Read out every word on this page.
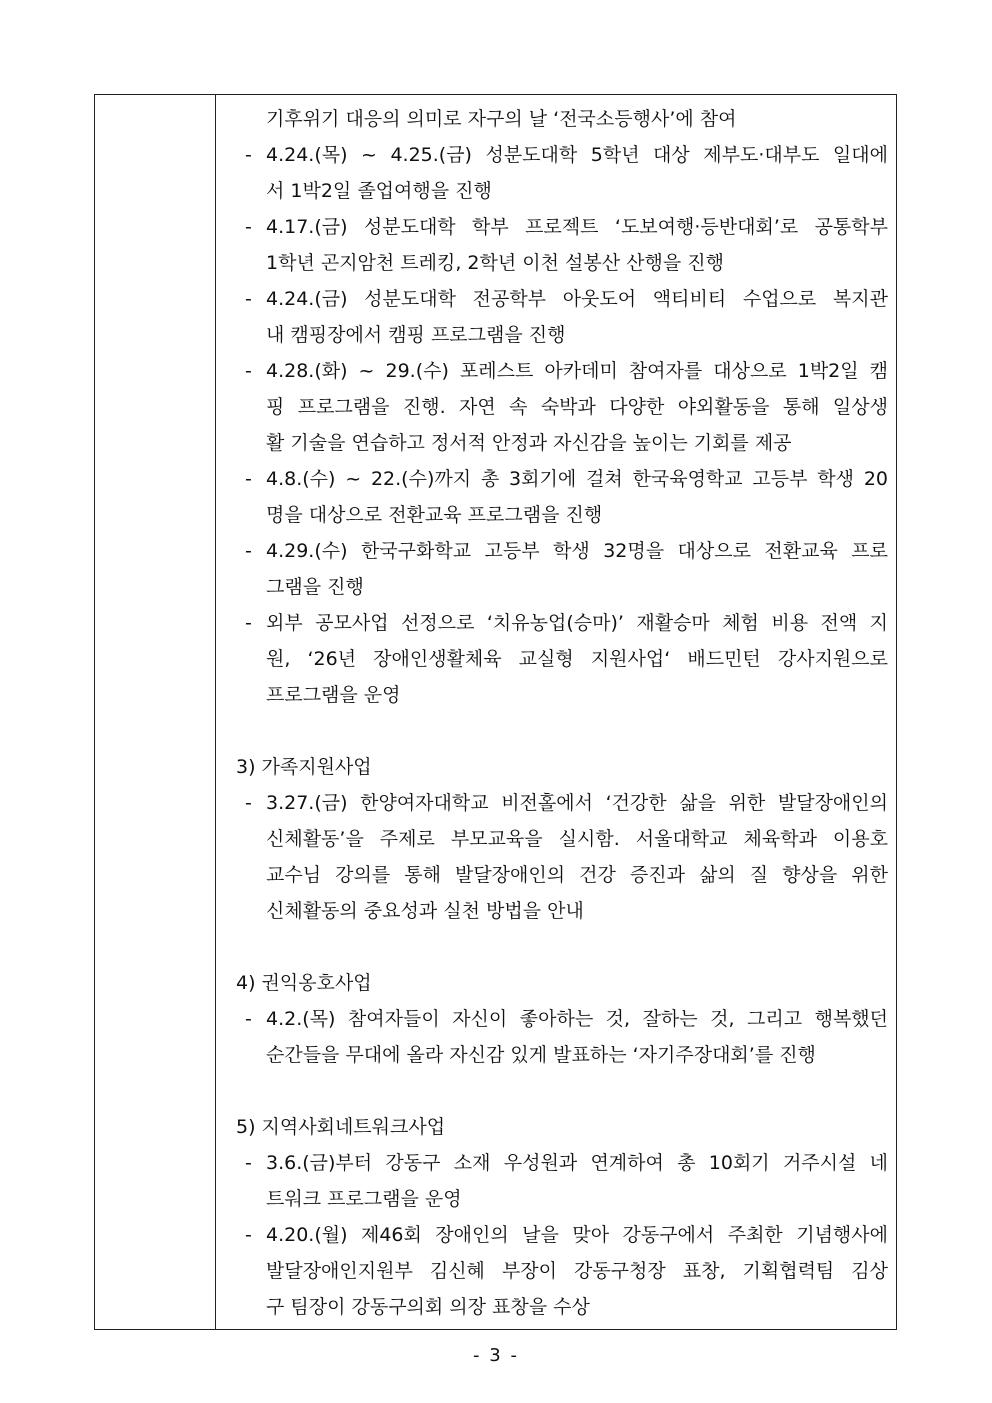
기후위기 대응의 의미로 자구의 날 ‘전국소등행사’에 참여
- 4.24.(목) ~ 4.25.(금) 성분도대학 5학년 대상 제부도·대부도 일대에
서 1박2일 졸업여행을 진행
- 4.17.(금) 성분도대학 학부 프로젝트 ‘도보여행·등반대회’로 공통학부
1학년 곤지암천 트레킹, 2학년 이천 설봉산 산행을 진행
- 4.24.(금) 성분도대학 전공학부 아웃도어 액티비티 수업으로 복지관
내 캠핑장에서 캠핑 프로그램을 진행
- 4.28.(화) ~ 29.(수) 포레스트 아카데미 참여자를 대상으로 1박2일 캠
핑 프로그램을 진행. 자연 속 숙박과 다양한 야외활동을 통해 일상생
활 기술을 연습하고 정서적 안정과 자신감을 높이는 기회를 제공
- 4.8.(수) ~ 22.(수)까지 총 3회기에 걸쳐 한국육영학교 고등부 학생 20
명을 대상으로 전환교육 프로그램을 진행
- 4.29.(수) 한국구화학교 고등부 학생 32명을 대상으로 전환교육 프로
그램을 진행
- 외부 공모사업 선정으로 ‘치유농업(승마)’ 재활승마 체험 비용 전액 지
원, ‘26년 장애인생활체육 교실형 지원사업‘ 배드민턴 강사지원으로
프로그램을 운영
3) 가족지원사업
- 3.27.(금) 한양여자대학교 비전홀에서 ‘건강한 삶을 위한 발달장애인의
신체활동’을 주제로 부모교육을 실시함. 서울대학교 체육학과 이용호
교수님 강의를 통해 발달장애인의 건강 증진과 삶의 질 향상을 위한
신체활동의 중요성과 실천 방법을 안내
4) 권익옹호사업
- 4.2.(목) 참여자들이 자신이 좋아하는 것, 잘하는 것, 그리고 행복했던
순간들을 무대에 올라 자신감 있게 발표하는 ‘자기주장대회’를 진행
5) 지역사회네트워크사업
- 3.6.(금)부터 강동구 소재 우성원과 연계하여 총 10회기 거주시설 네
트워크 프로그램을 운영
- 4.20.(월) 제46회 장애인의 날을 맞아 강동구에서 주최한 기념행사에
발달장애인지원부 김신혜 부장이 강동구청장 표창, 기획협력팀 김상
구 팀장이 강동구의회 의장 표창을 수상
- 3 -
